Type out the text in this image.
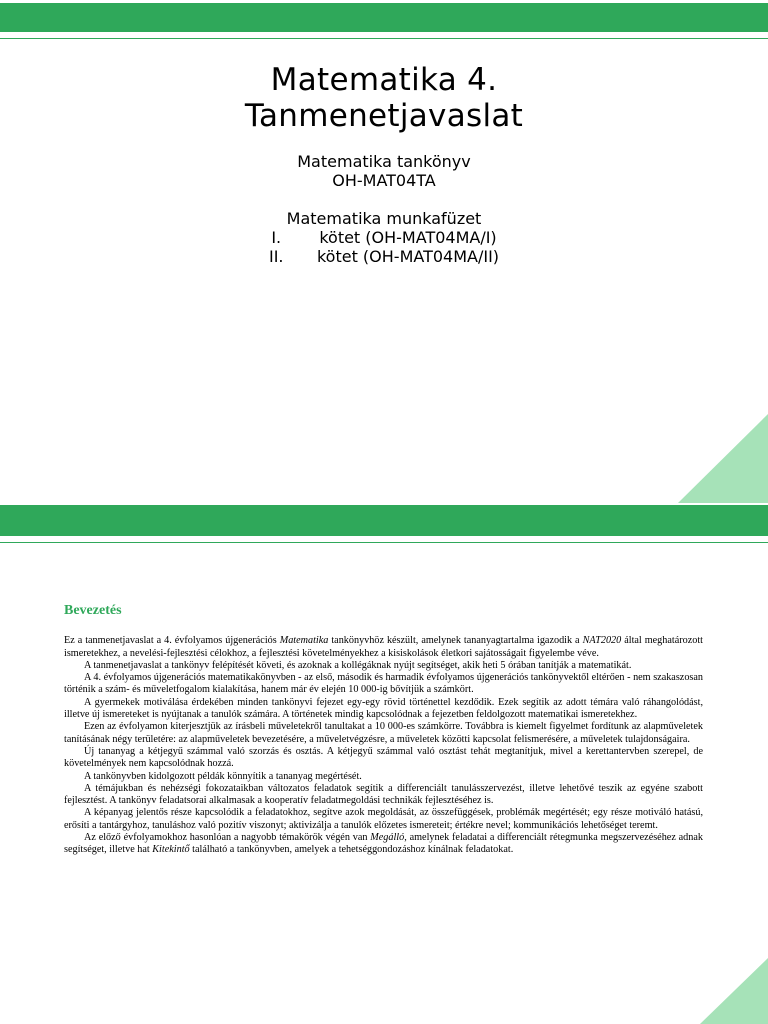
Matematika 4.
Tanmenetjavaslat
Matematika tankönyv
OH-MAT04TA
Matematika munkafüzet
I.	kötet (OH-MAT04MA/I)
II.	kötet (OH-MAT04MA/II)
Bevezetés

Ez a tanmenetjavaslat a 4. évfolyamos újgenerációs Matematika tankönyvhöz készült, amelynek tananyagtartalma igazodik a NAT2020 által meghatározott ismeretekhez, a nevelési-fejlesztési célokhoz, a fejlesztési követelményekhez a kisiskolások életkori sajátosságait figyelembe véve.

A tanmenetjavaslat a tankönyv felépítését követi, és azoknak a kollégáknak nyújt segítséget, akik heti 5 órában tanítják a matematikát.

A 4. évfolyamos újgenerációs matematikakönyvben - az első, második és harmadik évfolyamos újgenerációs tankönyvektől eltérően - nem szakaszosan történik a szám- és műveletfogalom kialakítása, hanem már év elején 10 000-ig bővítjük a számkört.

A gyermekek motiválása érdekében minden tankönyvi fejezet egy-egy rövid történettel kezdődik. Ezek segítik az adott témára való ráhangolódást, illetve új ismereteket is nyújtanak a tanulók számára. A történetek mindig kapcsolódnak a fejezetben feldolgozott matematikai ismeretekhez.

Ezen az évfolyamon kiterjesztjük az írásbeli műveletekről tanultakat a 10 000-es számkörre. Továbbra is kiemelt figyelmet fordítunk az alapműveletek tanításának négy területére: az alapműveletek bevezetésére, a műveletvégzésre, a műveletek közötti kapcsolat felismerésére, a műveletek tulajdonságaira.

Új tananyag a kétjegyű számmal való szorzás és osztás. A kétjegyű számmal való osztást tehát megtanítjuk, mivel a kerettantervben szerepel, de követelmények nem kapcsolódnak hozzá.

A tankönyvben kidolgozott példák könnyítik a tananyag megértését.

A témájukban és nehézségi fokozataikban változatos feladatok segítik a differenciált tanulásszervezést, illetve lehetővé teszik az egyéne szabott fejlesztést. A tankönyv feladatsorai alkalmasak a kooperatív feladatmegoldási technikák fejlesztéséhez is.

A képanyag jelentős része kapcsolódik a feladatokhoz, segítve azok megoldását, az összefüggések, problémák megértését; egy része motiváló hatású, erősíti a tantárgyhoz, tanuláshoz való pozitív viszonyt; aktivizálja a tanulók előzetes ismereteit; értékre nevel; kommunikációs lehetőséget teremt.

Az előző évfolyamokhoz hasonlóan a nagyobb témakörök végén van Megálló, amelynek feladatai a differenciált rétegmunka megszervezéséhez adnak segítséget, illetve hat Kitekintő található a tankönyvben, amelyek a tehetséggondozáshoz kínálnak feladatokat.
